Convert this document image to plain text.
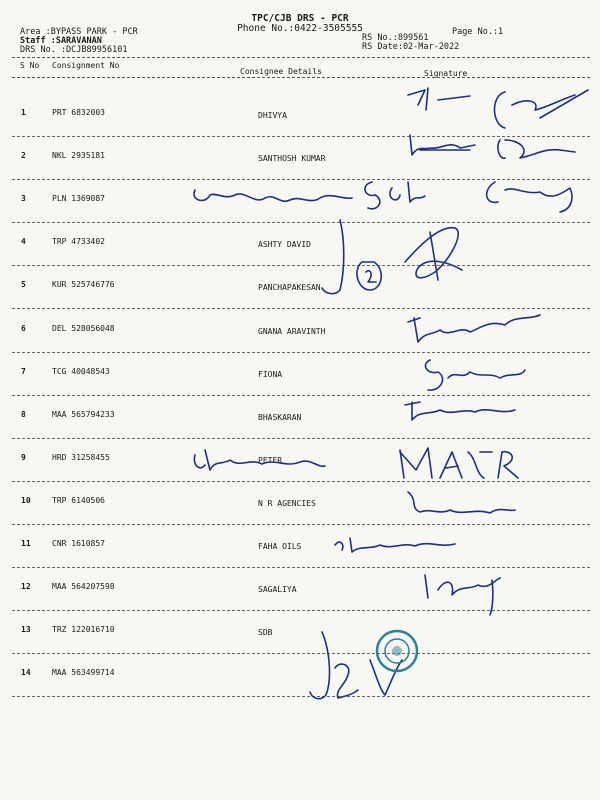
TPC/CJB DRS - PCR
Phone No.:0422-3505555
Area :BYPASS PARK - PCR
Staff :SARAVANAN
DRS No. :DCJB89956101
RS No.:899561
RS Date:02-Mar-2022
Page No.:1
S No Consignment No
Consignee Details	Signature
1	PRT 6832003	DHIVYA
2	NKL 2935181	SANTHOSH KUMAR
3	PLN 1369087
4	TRP 4733402	ASHTY DAVID
5	KUR 525746776	PANCHAPAKESAN
6	DEL 528056048	GNANA ARAVINTH
7	TCG 40048543	FIONA
8	MAA 565794233	BHASKARAN
9	HRD 31258455	PETER
10	TRP 6140506	N R AGENCIES
11	CNR 1610857	FAHA OILS
12	MAA 564207598	SAGALIYA
13	TRZ 122016710	SDB
14	MAA 563499714
